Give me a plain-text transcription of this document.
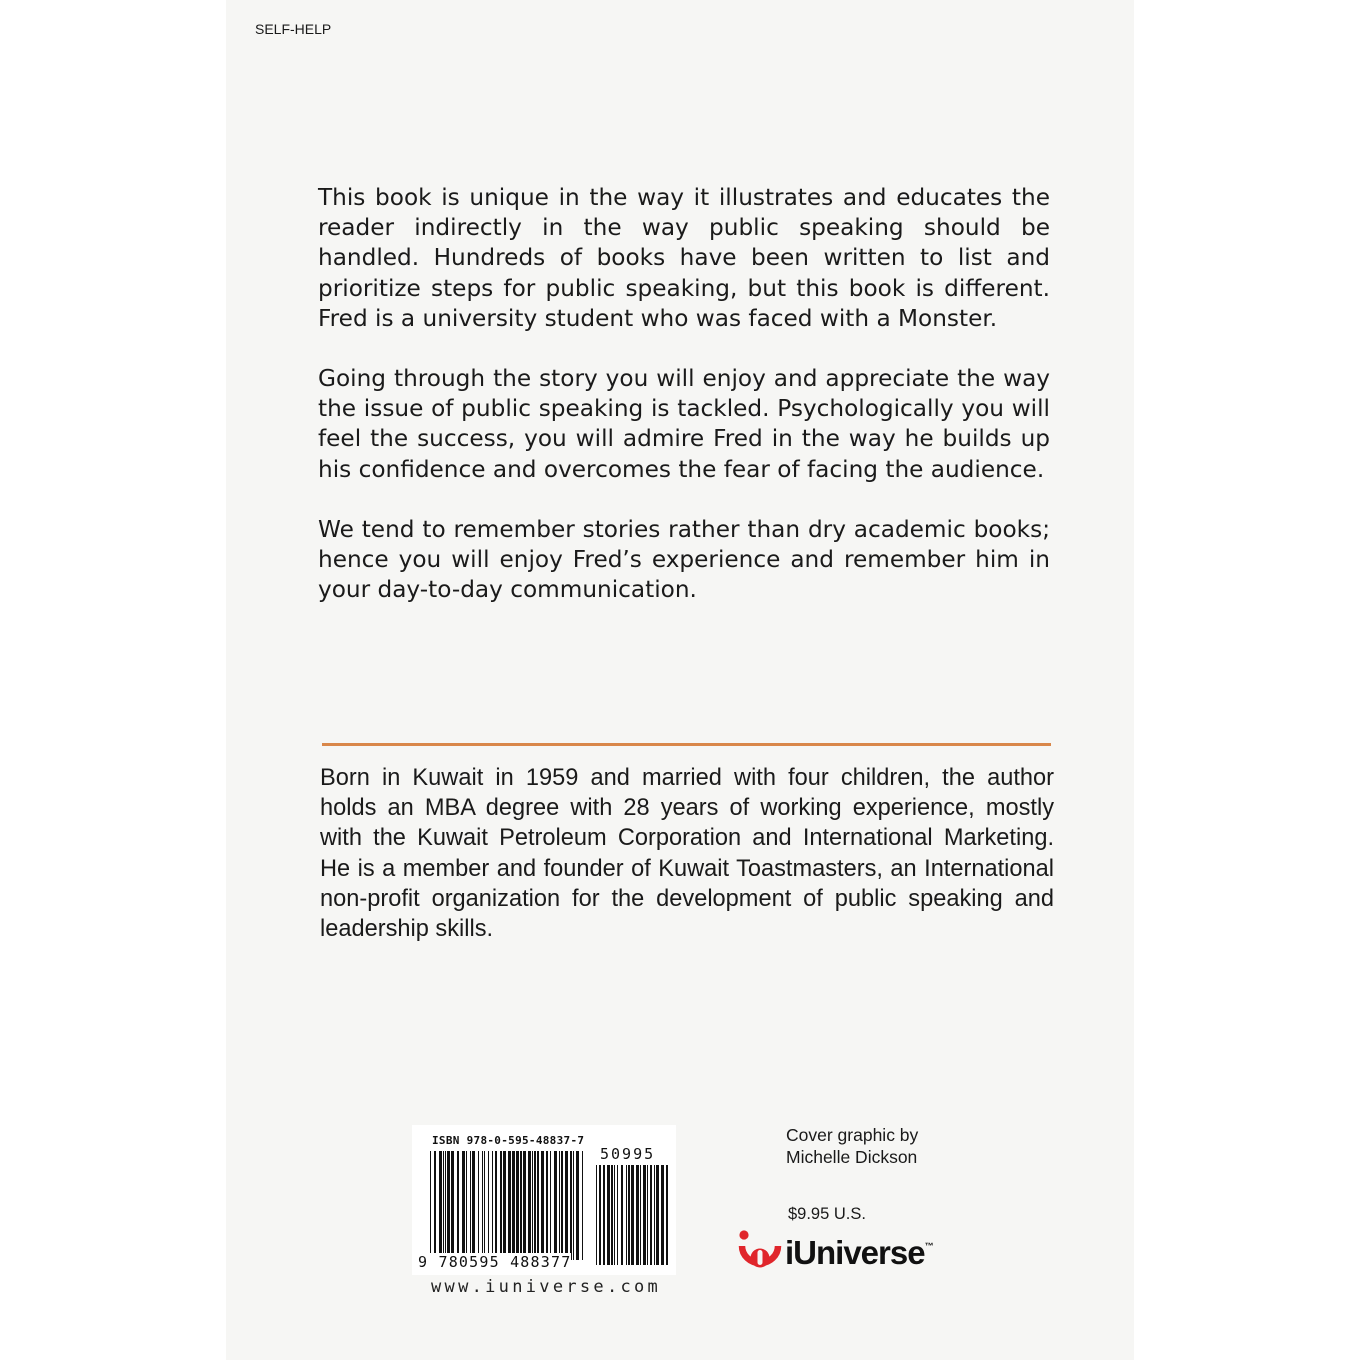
SELF-HELP

This book is unique in the way it illustrates and educates the reader indirectly in the way public speaking should be handled. Hundreds of books have been written to list and prioritize steps for public speaking, but this book is different. Fred is a university student who was faced with a Monster.

Going through the story you will enjoy and appreciate the way the issue of public speaking is tackled. Psychologically you will feel the success, you will admire Fred in the way he builds up his confidence and overcomes the fear of facing the audience.

We tend to remember stories rather than dry academic books; hence you will enjoy Fred’s experience and remember him in your day-to-day communication.

Born in Kuwait in 1959 and married with four children, the author holds an MBA degree with 28 years of working experience, mostly with the Kuwait Petroleum Corporation and International Marketing. He is a member and founder of Kuwait Toastmasters, an International non-profit organization for the development of public speaking and leadership skills.

ISBN 978-0-595-48837-7
50995
9 780595 488377
www.iuniverse.com
Cover graphic by
Michelle Dickson
$9.95 U.S.
iUniverse ™
